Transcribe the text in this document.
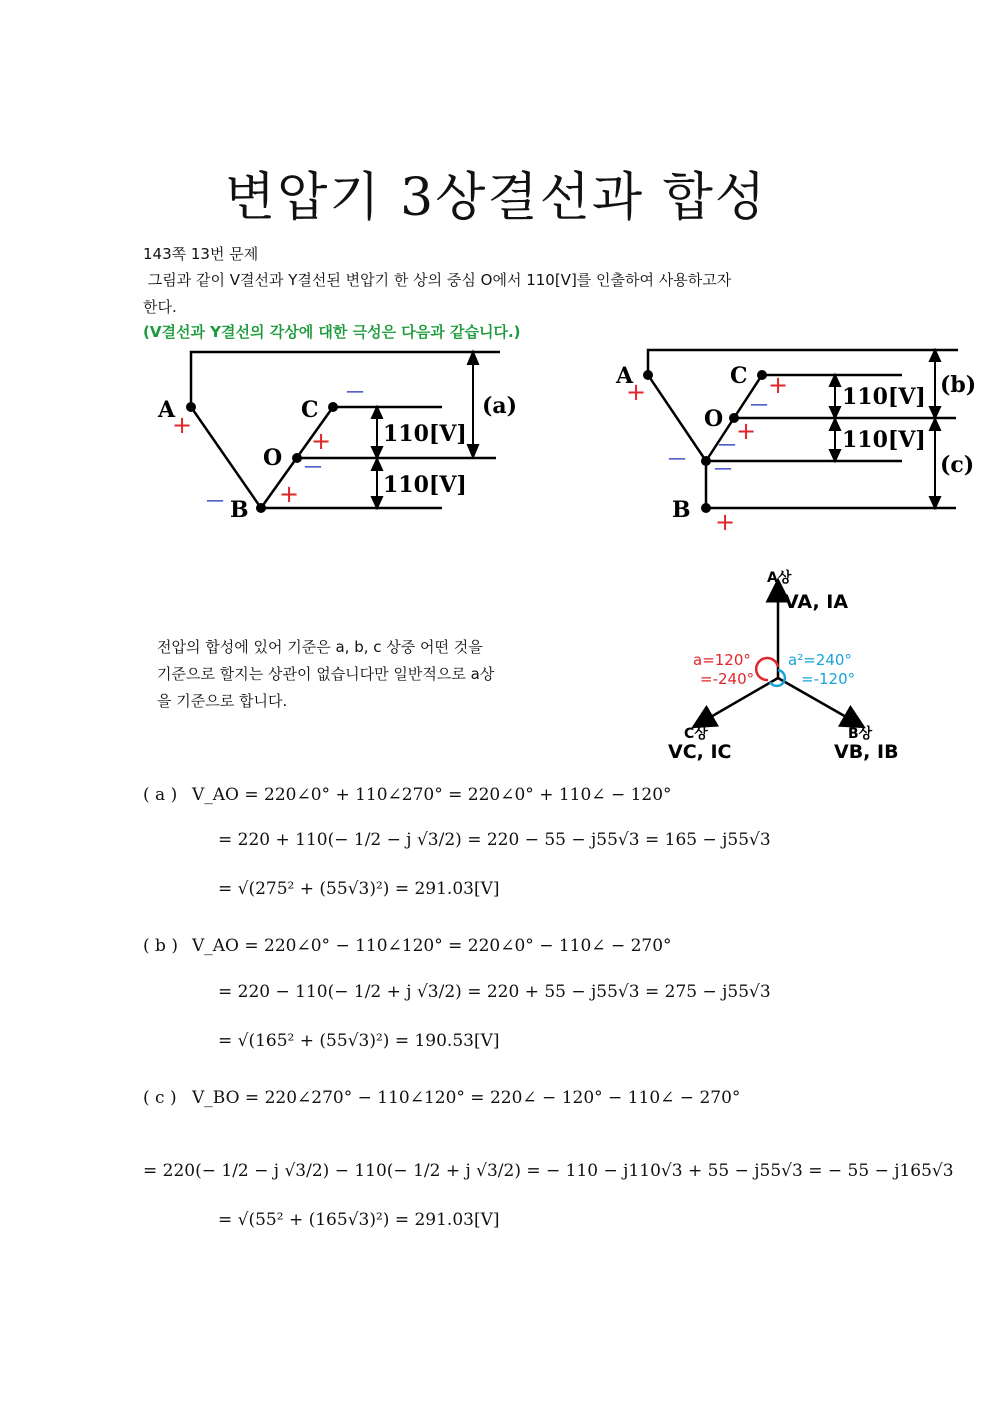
변압기 3상결선과 합성
143쪽 13번 문제
그림과 같이 V결선과 Y결선된 변압기 한 상의 중심 O에서 110[V]를 인출하여 사용하고자
한다.
(V결선과 Y결선의 각상에 대한 극성은 다음과 같습니다.)
A
B
C
O
(a)
110[V]
110[V]
+
+
+
—
—
—
A
B
C
O
(b)
(c)
110[V]
110[V]
+	+
+
+
—
—
— —
A상
VA, IA
B상
VB, IB
C상
VC, IC
a=120°
=-240°
a²=240°
=-120°
전압의 합성에 있어 기준은 a, b, c 상중 어떤 것을
기준으로 할지는 상관이 없습니다만 일반적으로 a상
을 기준으로 합니다.
( a ) V_AO = 220∠0° + 110∠270° = 220∠0° + 110∠ − 120°
= 220 + 110(− 1/2 − j √3/2) = 220 − 55 − j55√3 = 165 − j55√3
= √(275² + (55√3)²) = 291.03[V]
( b ) V_AO = 220∠0° − 110∠120° = 220∠0° − 110∠ − 270°
= 220 − 110(− 1/2 + j √3/2) = 220 + 55 − j55√3 = 275 − j55√3
= √(165² + (55√3)²) = 190.53[V]
( c ) V_BO = 220∠270° − 110∠120° = 220∠ − 120° − 110∠ − 270°
= 220(− 1/2 − j √3/2) − 110(− 1/2 + j √3/2) = − 110 − j110√3 + 55 − j55√3 = − 55 − j165√3
= √(55² + (165√3)²) = 291.03[V]
